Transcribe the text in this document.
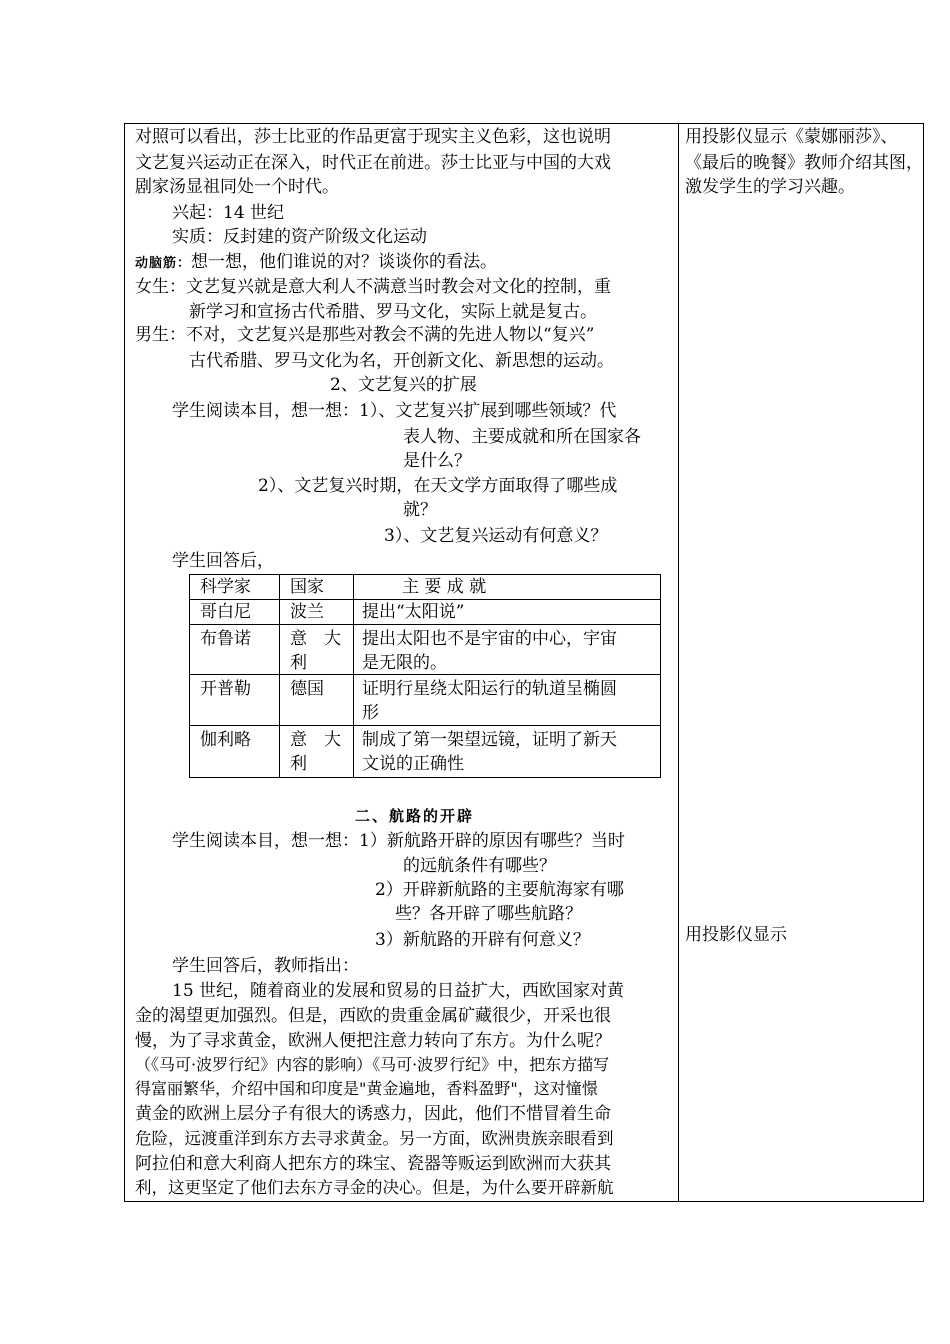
对照可以看出，莎士比亚的作品更富于现实主义色彩，这也说明
文艺复兴运动正在深入，时代正在前进。莎士比亚与中国的大戏
剧家汤显祖同处一个时代。
兴起：14 世纪
实质：反封建的资产阶级文化运动
动脑筋：想一想，他们谁说的对？谈谈你的看法。
女生：文艺复兴就是意大利人不满意当时教会对文化的控制，重
新学习和宣扬古代希腊、罗马文化，实际上就是复古。
男生：不对，文艺复兴是那些对教会不满的先进人物以“复兴”
古代希腊、罗马文化为名，开创新文化、新思想的运动。
2、文艺复兴的扩展
学生阅读本目，想一想：1）、文艺复兴扩展到哪些领域？代
表人物、主要成就和所在国家各
是什么？
2）、文艺复兴时期，在天文学方面取得了哪些成
就？
3）、文艺复兴运动有何意义？
学生回答后，
科学家 国家	主 要 成 就
哥白尼 波兰 提出“太阳说”
布鲁诺 意　大
利
提出太阳也不是宇宙的中心，宇宙
是无限的。
开普勒 德国 证明行星绕太阳运行的轨道呈椭圆
形
伽利略 意　大
利
制成了第一架望远镜，证明了新天
文说的正确性
二、航路的开辟
学生阅读本目，想一想：1）新航路开辟的原因有哪些？当时
的远航条件有哪些？
2）开辟新航路的主要航海家有哪
些？各开辟了哪些航路？
3）新航路的开辟有何意义？
学生回答后，教师指出：
15 世纪，随着商业的发展和贸易的日益扩大，西欧国家对黄
金的渴望更加强烈。但是，西欧的贵重金属矿藏很少，开采也很
慢，为了寻求黄金，欧洲人便把注意力转向了东方。为什么呢？
（《马可·波罗行纪》内容的影响）《马可·波罗行纪》中，把东方描写
得富丽繁华，介绍中国和印度是"黄金遍地，香料盈野"，这对憧憬
黄金的欧洲上层分子有很大的诱惑力，因此，他们不惜冒着生命
危险，远渡重洋到东方去寻求黄金。另一方面，欧洲贵族亲眼看到
阿拉伯和意大利商人把东方的珠宝、瓷器等贩运到欧洲而大获其
利，这更坚定了他们去东方寻金的决心。但是，为什么要开辟新航
用投影仪显示《蒙娜丽莎》、
《最后的晚餐》教师介绍其图，
激发学生的学习兴趣。
用投影仪显示
